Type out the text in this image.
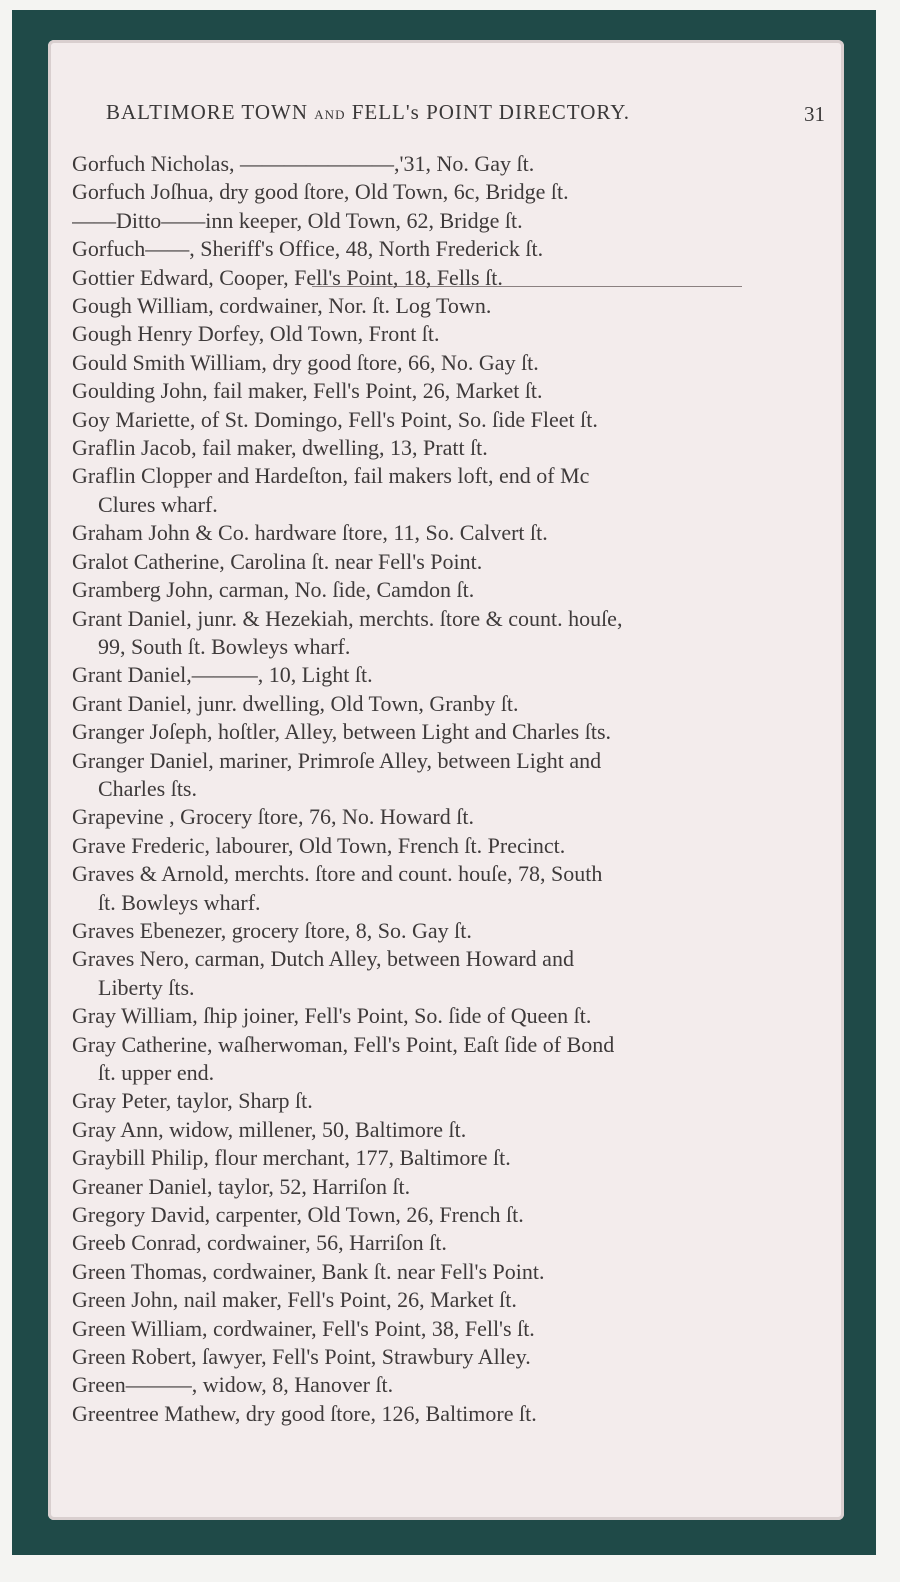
BALTIMORE TOWN AND FELL's POINT DIRECTORY.	31
Gorfuch Nicholas, ———————,'31, No. Gay ſt.
Gorfuch Joſhua, dry good ſtore, Old Town, 6c, Bridge ſt.
——Ditto——inn keeper, Old Town, 62, Bridge ſt.
Gorfuch——, Sheriff's Office, 48, North Frederick ſt.
Gottier Edward, Cooper, Fell's Point, 18, Fells ſt.
Gough William, cordwainer, Nor. ſt. Log Town.
Gough Henry Dorfey, Old Town, Front ſt.
Gould Smith William, dry good ſtore, 66, No. Gay ſt.
Goulding John, fail maker, Fell's Point, 26, Market ſt.
Goy Mariette, of St. Domingo, Fell's Point, So. ſide Fleet ſt.
Graflin Jacob, fail maker, dwelling, 13, Pratt ſt.
Graflin Clopper and Hardeſton, fail makers loft, end of Mc
Clures wharf.
Graham John & Co. hardware ſtore, 11, So. Calvert ſt.
Gralot Catherine, Carolina ſt. near Fell's Point.
Gramberg John, carman, No. ſide, Camdon ſt.
Grant Daniel, junr. & Hezekiah, merchts. ſtore & count. houſe,
99, South ſt. Bowleys wharf.
Grant Daniel,———, 10, Light ſt.
Grant Daniel, junr. dwelling, Old Town, Granby ſt.
Granger Joſeph, hoſtler, Alley, between Light and Charles ſts.
Granger Daniel, mariner, Primroſe Alley, between Light and
Charles ſts.
Grapevine , Grocery ſtore, 76, No. Howard ſt.
Grave Frederic, labourer, Old Town, French ſt. Precinct.
Graves & Arnold, merchts. ſtore and count. houſe, 78, South
ſt. Bowleys wharf.
Graves Ebenezer, grocery ſtore, 8, So. Gay ſt.
Graves Nero, carman, Dutch Alley, between Howard and
Liberty ſts.
Gray William, ſhip joiner, Fell's Point, So. ſide of Queen ſt.
Gray Catherine, waſherwoman, Fell's Point, Eaſt ſide of Bond
ſt. upper end.
Gray Peter, taylor, Sharp ſt.
Gray Ann, widow, millener, 50, Baltimore ſt.
Graybill Philip, flour merchant, 177, Baltimore ſt.
Greaner Daniel, taylor, 52, Harriſon ſt.
Gregory David, carpenter, Old Town, 26, French ſt.
Greeb Conrad, cordwainer, 56, Harriſon ſt.
Green Thomas, cordwainer, Bank ſt. near Fell's Point.
Green John, nail maker, Fell's Point, 26, Market ſt.
Green William, cordwainer, Fell's Point, 38, Fell's ſt.
Green Robert, ſawyer, Fell's Point, Strawbury Alley.
Green———, widow, 8, Hanover ſt.
Greentree Mathew, dry good ſtore, 126, Baltimore ſt.
